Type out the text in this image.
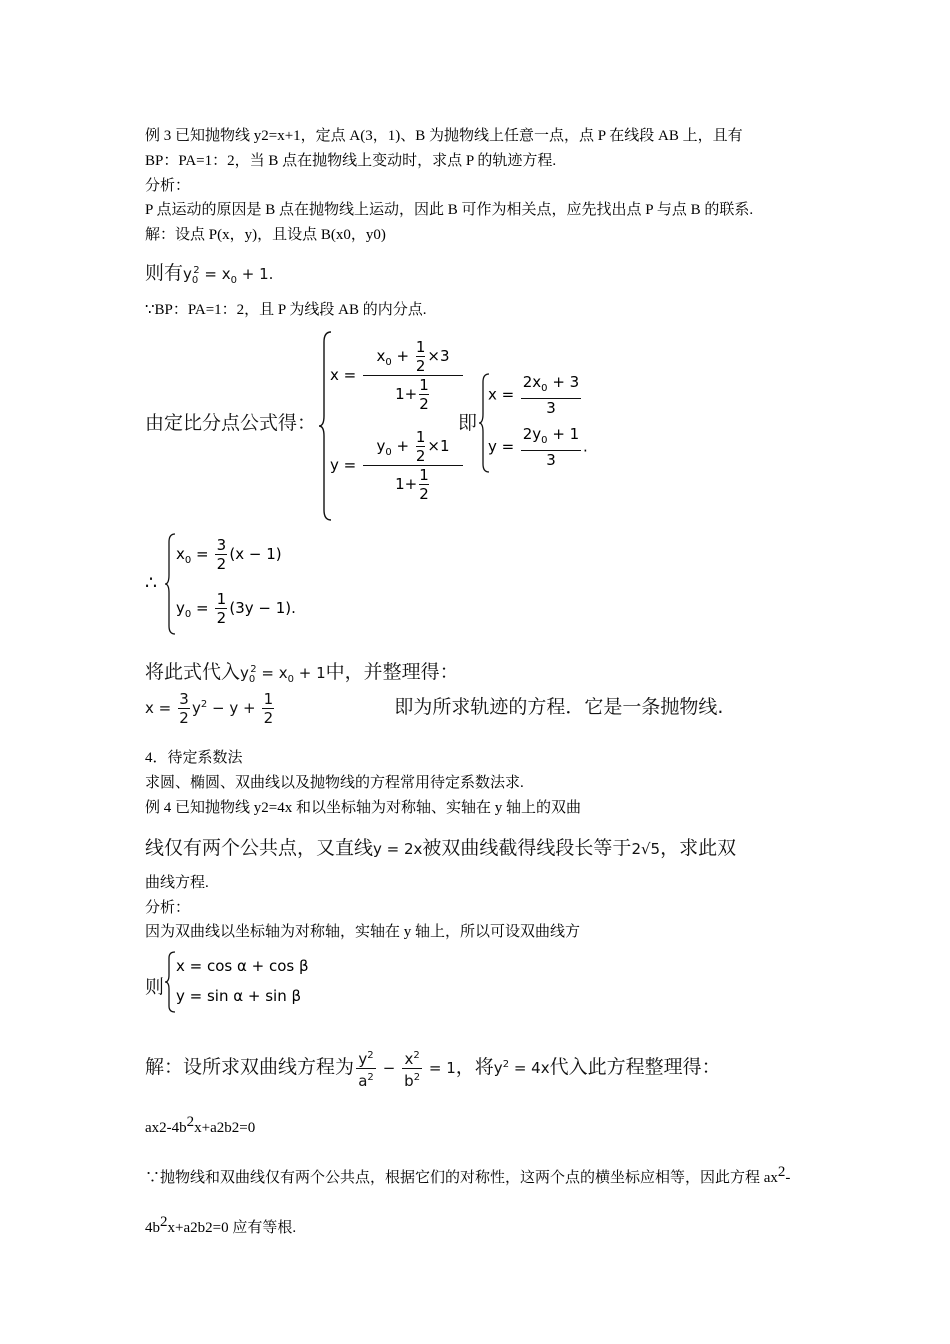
例 3 已知抛物线 y2=x+1，定点 A(3，1)、B 为抛物线上任意一点，点 P 在线段 AB 上，且有
BP：PA=1：2，当 B 点在抛物线上变动时，求点 P 的轨迹方程.
分析：
P 点运动的原因是 B 点在抛物线上运动，因此 B 可作为相关点，应先找出点 P 与点 B 的联系.
解：设点 P(x，y)，且设点 B(x0，y0)
则有$y_0^2 = x_0 + 1$.
∵BP：PA=1：2，且 P 为线段 AB 的内分点.
由定比分点公式得：
$x = \frac{x_0 + \frac{1}{2} \times 3}{1+ \frac{1}{2}}$
$y = \frac{y_0 + \frac{1}{2} \times 1}{1+ \frac{1}{2}}$
即
$x = \frac{2x_0 + 3}{3}$
$y = \frac{2y_0 + 1}{3}$ .
∴
$x_0 = \frac{3}{2} (x - 1)$
$y_0 = \frac{1}{2} (3y - 1)$.
将此式代入$y_0^2 = x_0 + 1$中，并整理得：
$x = \frac{3}{2} y^2 - y + \frac{1}{2}$	即为所求轨迹的方程．它是一条抛物线.
4．待定系数法
求圆、椭圆、双曲线以及抛物线的方程常用待定系数法求.
例 4 已知抛物线 y2=4x 和以坐标轴为对称轴、实轴在 y 轴上的双曲
线仅有两个公共点，又直线y = 2x被双曲线截得线段长等于2√5，求此双
曲线方程.
分析：
因为双曲线以坐标轴为对称轴，实轴在 y 轴上，所以可设双曲线方
则
x = cos α + cos β
y = sin α + sin β
解：设所求双曲线方程为 $\frac{y^2}{a^2} - \frac{x^2}{b^2} = 1$，将$y^2 = 4x$代入此方程整理得：
$ax2-4b^2x+a2b2=0$
∵抛物线和双曲线仅有两个公共点，根据它们的对称性，这两个点的横坐标应相等，因此方程 $ax^2-$
$4b^2x+a2b2=0$ 应有等根.
